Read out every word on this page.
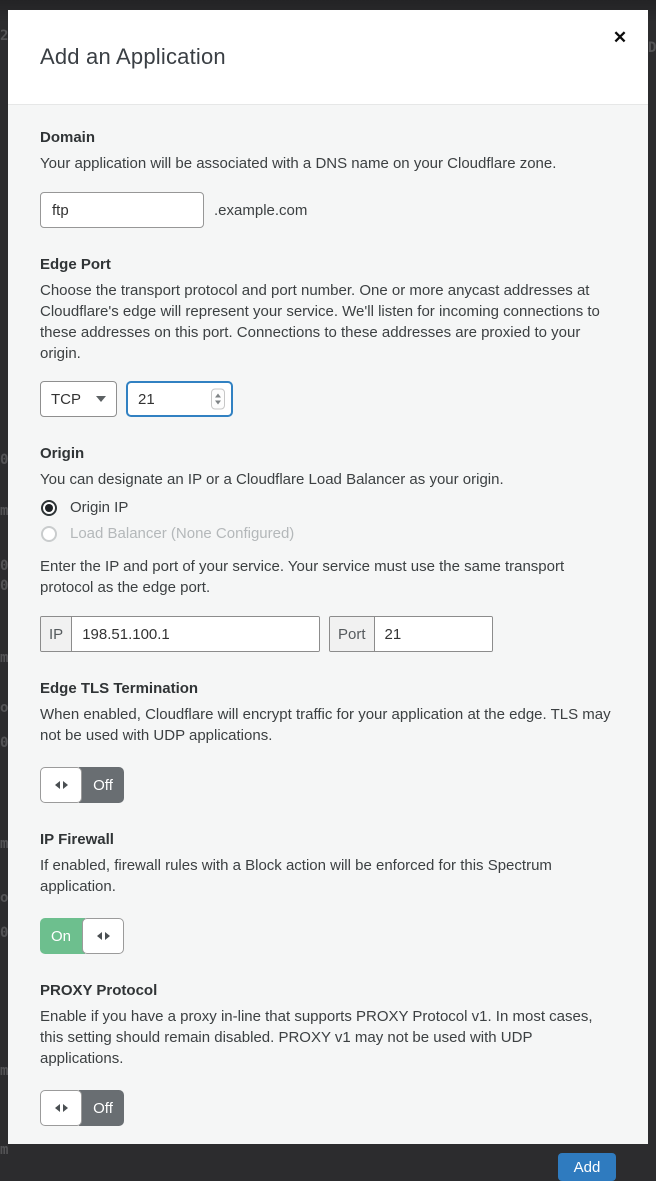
2
D
0
m
0
0
m
o
0
m
o
0
m
m
Add an Application
✕
Domain
Your application will be associated with a DNS name on your Cloudflare zone.
ftp
.example.com
Edge Port
Choose the transport protocol and port number. One or more anycast addresses at Cloudflare's edge will represent your service. We'll listen for incoming connections to these addresses on this port. Connections to these addresses are proxied to your origin.
TCP
21
Origin
You can designate an IP or a Cloudflare Load Balancer as your origin.
Origin IP
Load Balancer (None Configured)
Enter the IP and port of your service. Your service must use the same transport protocol as the edge port.
IP
198.51.100.1	Port
21
Edge TLS Termination
When enabled, Cloudflare will encrypt traffic for your application at the edge. TLS may not be used with UDP applications.
Off
IP Firewall
If enabled, firewall rules with a Block action will be enforced for this Spectrum application.
On
PROXY Protocol
Enable if you have a proxy in-line that supports PROXY Protocol v1. In most cases, this setting should remain disabled. PROXY v1 may not be used with UDP applications.
Off
Add
